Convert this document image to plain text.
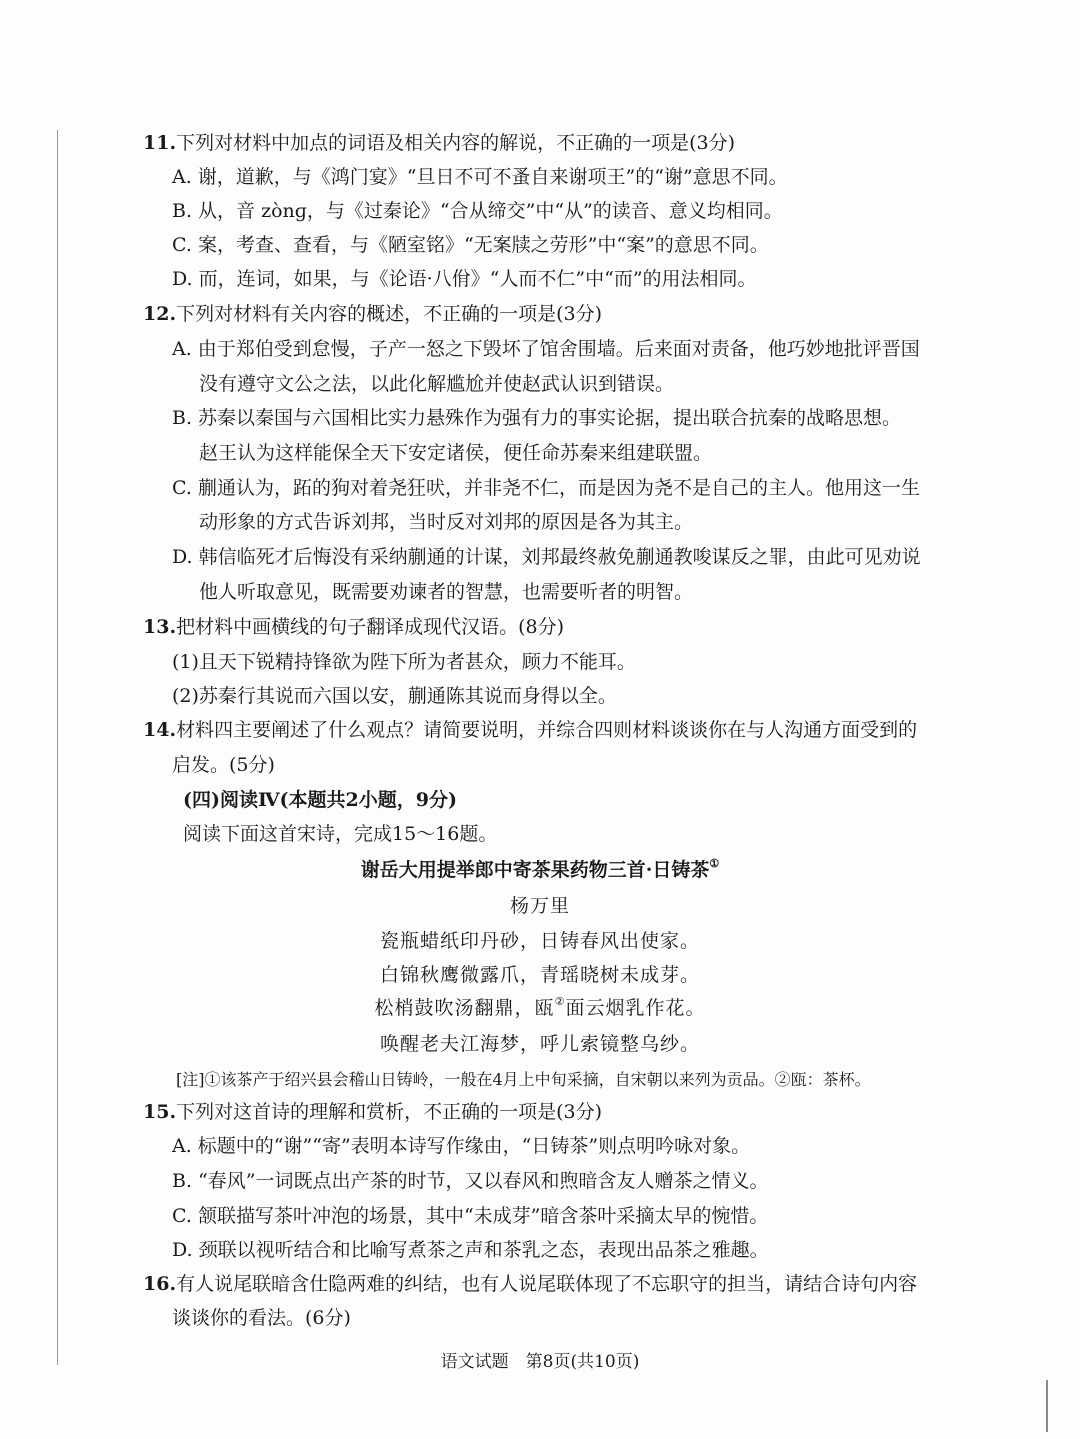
11.下列对材料中加点的词语及相关内容的解说，不正确的一项是(3分)
A. 谢，道歉，与《鸿门宴》“旦日不可不蚤自来谢项王”的“谢”意思不同。
B. 从，音 zònɡ，与《过秦论》“合从缔交”中“从”的读音、意义均相同。
C. 案，考查、查看，与《陋室铭》“无案牍之劳形”中“案”的意思不同。
D. 而，连词，如果，与《论语·八佾》“人而不仁”中“而”的用法相同。
12.下列对材料有关内容的概述，不正确的一项是(3分)
A. 由于郑伯受到怠慢，子产一怒之下毁坏了馆舍围墙。后来面对责备，他巧妙地批评晋国
没有遵守文公之法，以此化解尴尬并使赵武认识到错误。
B. 苏秦以秦国与六国相比实力悬殊作为强有力的事实论据，提出联合抗秦的战略思想。
赵王认为这样能保全天下安定诸侯，便任命苏秦来组建联盟。
C. 蒯通认为，跖的狗对着尧狂吠，并非尧不仁，而是因为尧不是自己的主人。他用这一生
动形象的方式告诉刘邦，当时反对刘邦的原因是各为其主。
D. 韩信临死才后悔没有采纳蒯通的计谋，刘邦最终赦免蒯通教唆谋反之罪，由此可见劝说
他人听取意见，既需要劝谏者的智慧，也需要听者的明智。
13.把材料中画横线的句子翻译成现代汉语。(8分)
(1)且天下锐精持锋欲为陛下所为者甚众，顾力不能耳。
(2)苏秦行其说而六国以安，蒯通陈其说而身得以全。
14.材料四主要阐述了什么观点？请简要说明，并综合四则材料谈谈你在与人沟通方面受到的
启发。(5分)
(四)阅读Ⅳ(本题共2小题，9分)
阅读下面这首宋诗，完成15～16题。
谢岳大用提举郎中寄茶果药物三首·日铸茶①
杨万里
瓷瓶蜡纸印丹砂，日铸春风出使家。
白锦秋鹰微露爪，青瑶晓树未成芽。
松梢鼓吹汤翻鼎，瓯②面云烟乳作花。
唤醒老夫江海梦，呼儿索镜整乌纱。
[注]①该茶产于绍兴县会稽山日铸岭，一般在4月上中旬采摘，自宋朝以来列为贡品。②瓯：茶杯。
15.下列对这首诗的理解和赏析，不正确的一项是(3分)
A. 标题中的“谢”“寄”表明本诗写作缘由，“日铸茶”则点明吟咏对象。
B. “春风”一词既点出产茶的时节，又以春风和煦暗含友人赠茶之情义。
C. 颔联描写茶叶冲泡的场景，其中“未成芽”暗含茶叶采摘太早的惋惜。
D. 颈联以视听结合和比喻写煮茶之声和茶乳之态，表现出品茶之雅趣。
16.有人说尾联暗含仕隐两难的纠结，也有人说尾联体现了不忘职守的担当，请结合诗句内容
谈谈你的看法。(6分)
语文试题　第8页(共10页)
